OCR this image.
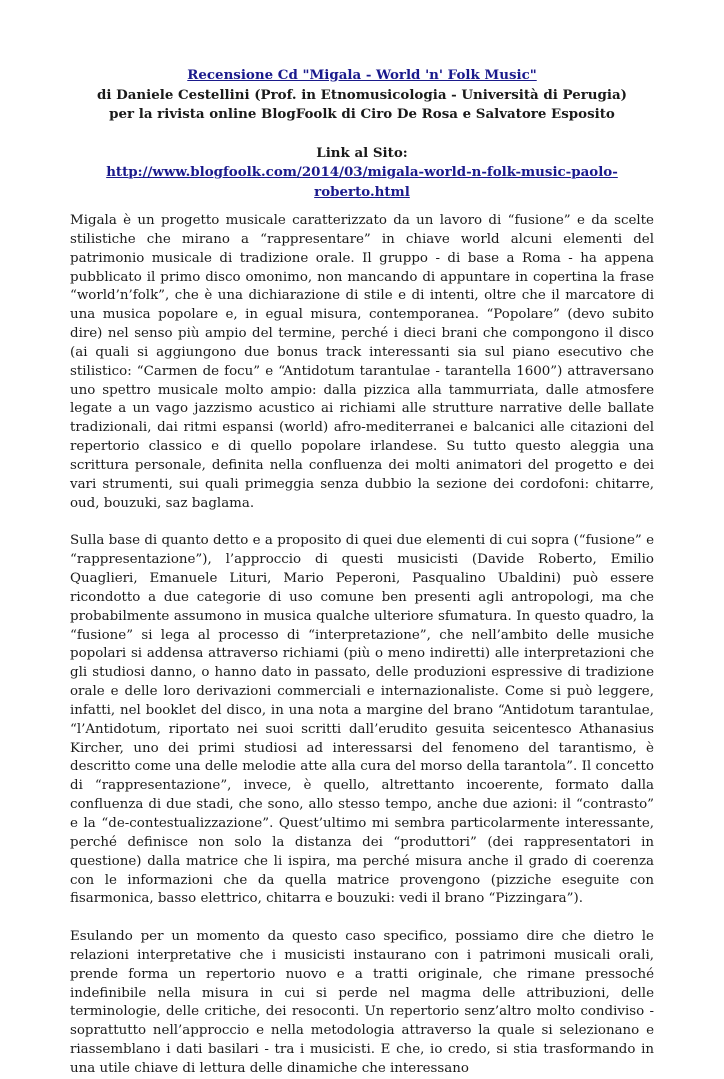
Recensione Cd "Migala - World 'n' Folk Music"
di Daniele Cestellini (Prof. in Etnomusicologia - Università di Perugia)
per la rivista online BlogFoolk di Ciro De Rosa e Salvatore Esposito
Link al Sito:
http://www.blogfoolk.com/2014/03/migala-world-n-folk-music-paolo-roberto.html

Migala è un progetto musicale caratterizzato da un lavoro di “fusione” e da scelte stilistiche che mirano a “rappresentare” in chiave world alcuni elementi del patrimonio musicale di tradizione orale. Il gruppo - di base a Roma - ha appena pubblicato il primo disco omonimo, non mancando di appuntare in copertina la frase “world’n’folk”, che è una dichiarazione di stile e di intenti, oltre che il marcatore di una musica popolare e, in egual misura, contemporanea. “Popolare” (devo subito dire) nel senso più ampio del termine, perché i dieci brani che compongono il disco (ai quali si aggiungono due bonus track interessanti sia sul piano esecutivo che stilistico: “Carmen de focu” e “Antidotum tarantulae - tarantella 1600”) attraversano uno spettro musicale molto ampio: dalla pizzica alla tammurriata, dalle atmosfere legate a un vago jazzismo acustico ai richiami alle strutture narrative delle ballate tradizionali, dai ritmi espansi (world) afro-mediterranei e balcanici alle citazioni del repertorio classico e di quello popolare irlandese. Su tutto questo aleggia una scrittura personale, definita nella confluenza dei molti animatori del progetto e dei vari strumenti, sui quali primeggia senza dubbio la sezione dei cordofoni: chitarre, oud, bouzuki, saz baglama.

Sulla base di quanto detto e a proposito di quei due elementi di cui sopra (“fusione” e “rappresentazione”), l’approccio di questi musicisti (Davide Roberto, Emilio Quaglieri, Emanuele Lituri, Mario Peperoni, Pasqualino Ubaldini) può essere ricondotto a due categorie di uso comune ben presenti agli antropologi, ma che probabilmente assumono in musica qualche ulteriore sfumatura. In questo quadro, la “fusione” si lega al processo di “interpretazione”, che nell’ambito delle musiche popolari si addensa attraverso richiami (più o meno indiretti) alle interpretazioni che gli studiosi danno, o hanno dato in passato, delle produzioni espressive di tradizione orale e delle loro derivazioni commerciali e internazionaliste. Come si può leggere, infatti, nel booklet del disco, in una nota a margine del brano “Antidotum tarantulae, “l’Antidotum, riportato nei suoi scritti dall’erudito gesuita seicentesco Athanasius Kircher, uno dei primi studiosi ad interessarsi del fenomeno del tarantismo, è descritto come una delle melodie atte alla cura del morso della tarantola”. Il concetto di “rappresentazione”, invece, è quello, altrettanto incoerente, formato dalla confluenza di due stadi, che sono, allo stesso tempo, anche due azioni: il “contrasto” e la “de-contestualizzazione”. Quest’ultimo mi sembra particolarmente interessante, perché definisce non solo la distanza dei “produttori” (dei rappresentatori in questione) dalla matrice che li ispira, ma perché misura anche il grado di coerenza con le informazioni che da quella matrice provengono (pizziche eseguite con fisarmonica, basso elettrico, chitarra e bouzuki: vedi il brano “Pizzingara”).

Esulando per un momento da questo caso specifico, possiamo dire che dietro le relazioni interpretative che i musicisti instaurano con i patrimoni musicali orali, prende forma un repertorio nuovo e a tratti originale, che rimane pressoché indefinibile nella misura in cui si perde nel magma delle attribuzioni, delle terminologie, delle critiche, dei resoconti. Un repertorio senz’altro molto condiviso - soprattutto nell’approccio e nella metodologia attraverso la quale si selezionano e riassemblano i dati basilari - tra i musicisti. E che, io credo, si stia trasformando in una utile chiave di lettura delle dinamiche che interessano
